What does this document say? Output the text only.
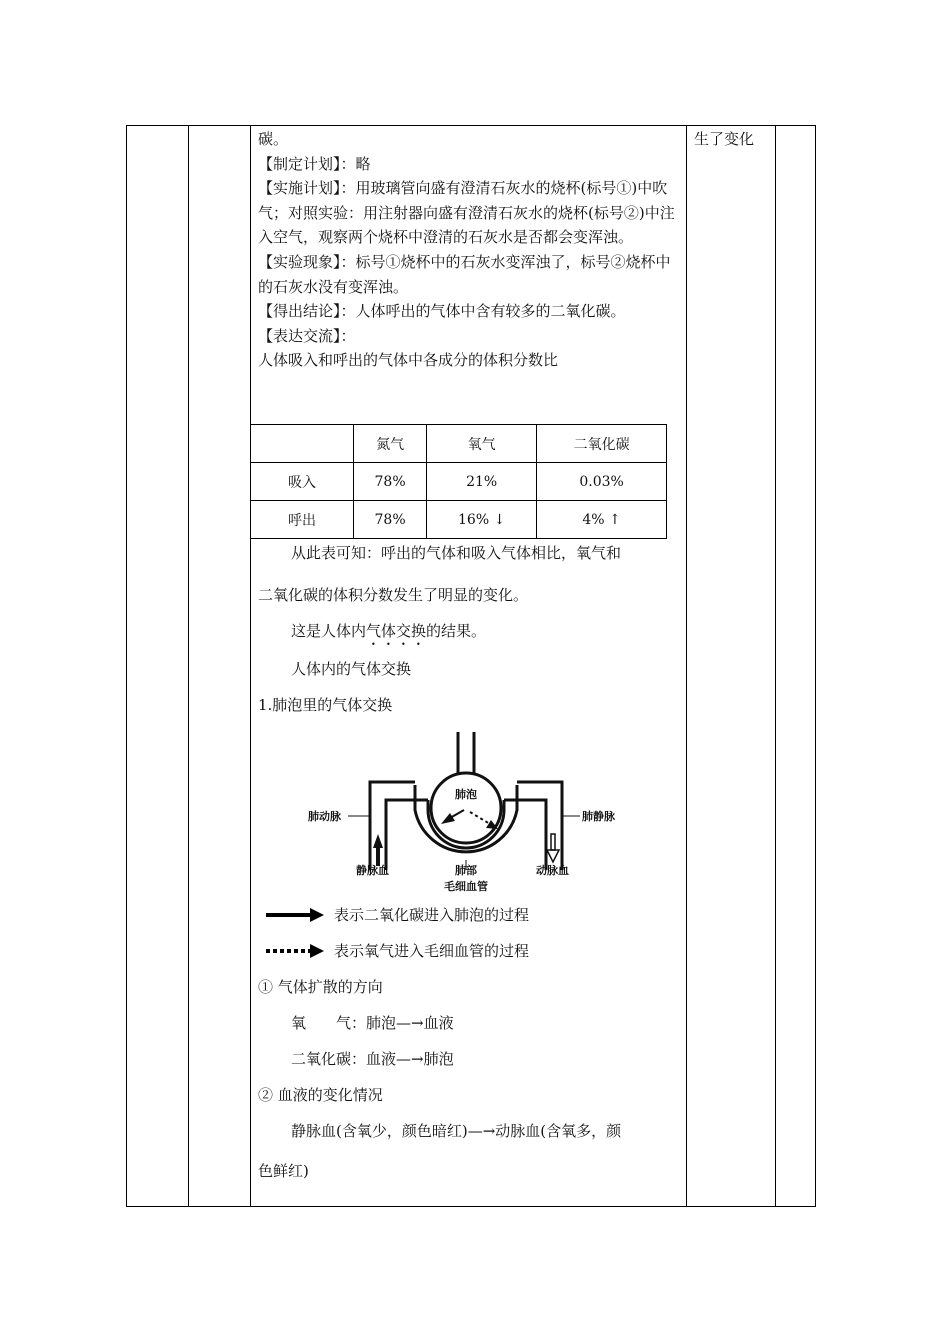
生了变化

碳。

【制定计划】：略

【实施计划】：用玻璃管向盛有澄清石灰水的烧杯(标号①)中吹气；对照实验：用注射器向盛有澄清石灰水的烧杯(标号②)中注入空气，观察两个烧杯中澄清的石灰水是否都会变浑浊。

【实验现象】：标号①烧杯中的石灰水变浑浊了，标号②烧杯中的石灰水没有变浑浊。

【得出结论】：人体呼出的气体中含有较多的二氧化碳。

【表达交流】：

人体吸入和呼出的气体中各成分的体积分数比

	氮气	氧气	二氧化碳
吸入	78%	21%	0.03%
呼出	78%	16% ↓	4% ↑
从此表可知：呼出的气体和吸入气体相比，氧气和
二氧化碳的体积分数发生了明显的变化。
这是人体内气体交换的结果。
人体内的气体交换
1.肺泡里的气体交换
肺泡
肺动脉	肺静脉
静脉血	动脉血
肺部
毛细血管
表示二氧化碳进入肺泡的过程
表示氧气进入毛细血管的过程
① 气体扩散的方向
氧　　气：肺泡—→血液
二氧化碳：血液—→肺泡
② 血液的变化情况
静脉血(含氧少，颜色暗红)—→动脉血(含氧多，颜
色鲜红)
